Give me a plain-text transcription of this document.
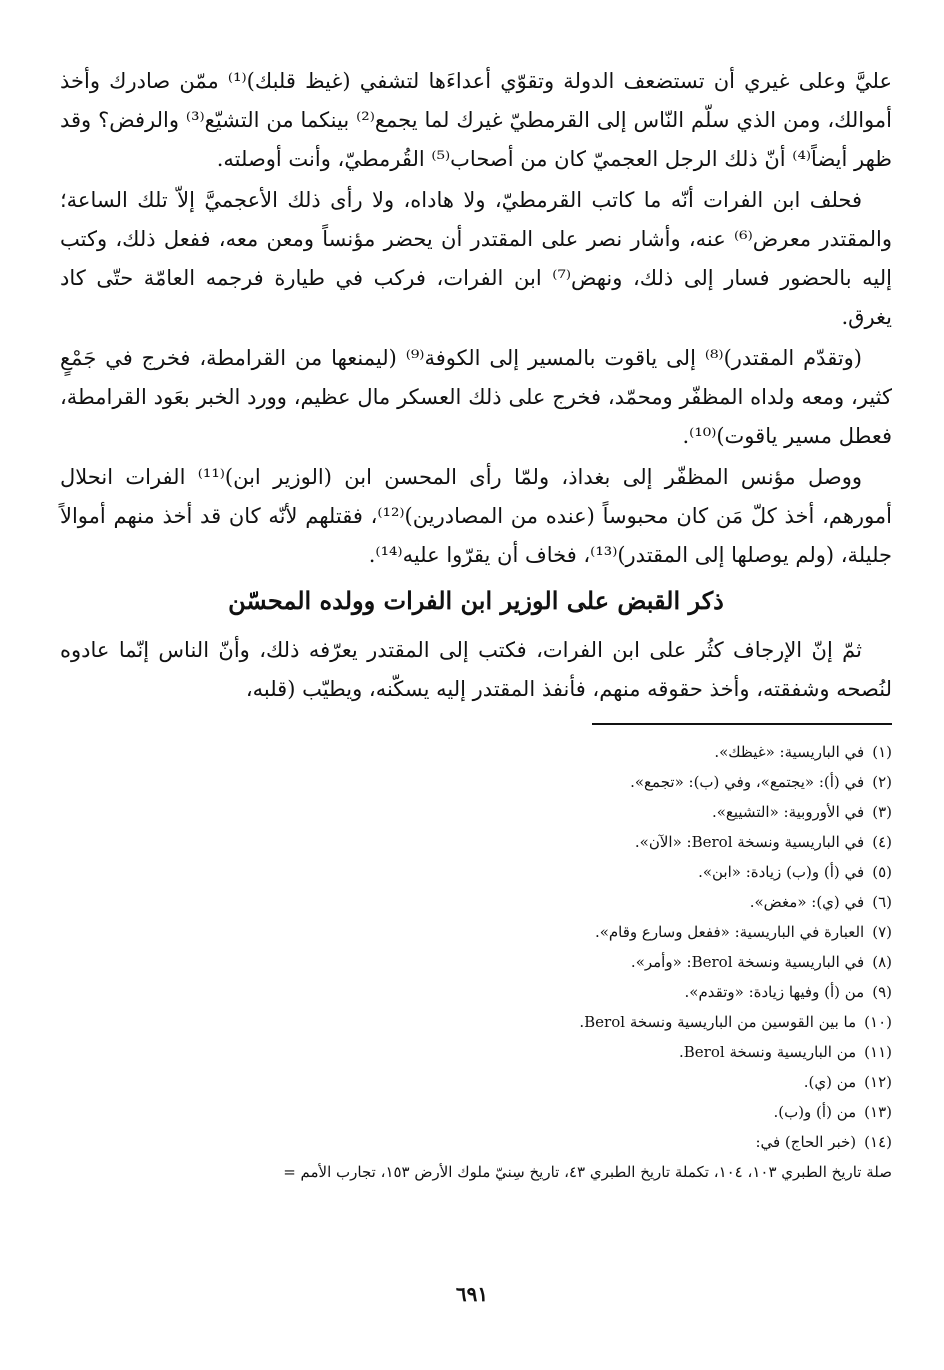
عليَّ وعلى غيري أن تستضعف الدولة وتقوّي أعداءَها لتشفي (غيظ قلبك)⁽¹⁾ ممّن صادرك وأخذ أموالك، ومن الذي سلّم النّاس إلى القرمطيّ غيرك لما يجمع⁽²⁾ بينكما من التشيّع⁽³⁾ والرفض؟ وقد ظهر أيضاً⁽⁴⁾ أنّ ذلك الرجل العجميّ كان من أصحاب⁽⁵⁾ القُرمطيّ، وأنت أوصلته.

فحلف ابن الفرات أنّه ما كاتب القرمطيّ، ولا هاداه، ولا رأى ذلك الأعجميَّ إلاّ تلك الساعة؛ والمقتدر معرض⁽⁶⁾ عنه، وأشار نصر على المقتدر أن يحضر مؤنساً ومعن معه، ففعل ذلك، وكتب إليه بالحضور فسار إلى ذلك، ونهض⁽⁷⁾ ابن الفرات، فركب في طيارة فرجمه العامّة حتّى كاد يغرق.

(وتقدّم المقتدر)⁽⁸⁾ إلى ياقوت بالمسير إلى الكوفة⁽⁹⁾ (ليمنعها من القرامطة، فخرج في جَمْعٍ كثير، ومعه ولداه المظفّر ومحمّد، فخرج على ذلك العسكر مال عظيم، وورد الخبر بعَود القرامطة، فعطل مسير ياقوت)⁽¹⁰⁾.

ووصل مؤنس المظفّر إلى بغداذ، ولمّا رأى المحسن ابن (الوزير ابن)⁽¹¹⁾ الفرات انحلال أمورهم، أخذ كلّ مَن كان محبوساً (عنده من المصادرين)⁽¹²⁾، فقتلهم لأنّه كان قد أخذ منهم أموالاً جليلة، (ولم يوصلها إلى المقتدر)⁽¹³⁾، فخاف أن يقرّوا عليه⁽¹⁴⁾.

ذكر القبض على الوزير ابن الفرات وولده المحسّن

ثمّ إنّ الإرجاف كثُر على ابن الفرات، فكتب إلى المقتدر يعرّفه ذلك، وأنّ الناس إنّما عادوه لنُصحه وشفقته، وأخذ حقوقه منهم، فأنفذ المقتدر إليه يسكّنه، ويطيّب (قلبه،

(١)
في الباريسية: «غيظك».
(٢)
في (أ): «يجتمع»، وفي (ب): «تجمع».
(٣)
في الأوروبية: «التشييع».
(٤)
في الباريسية ونسخة Berol: «الآن».
(٥)
في (أ) و(ب) زيادة: «ابن».
(٦)
في (ي): «مغض».
(٧)
العبارة في الباريسية: «ففعل وسارع وقام».
(٨)
في الباريسية ونسخة Berol: «وأمر».
(٩)
من (أ) وفيها زيادة: «وتقدم».
(١٠)
ما بين القوسين من الباريسية ونسخة Berol.
(١١)
من الباريسية ونسخة Berol.
(١٢)
من (ي).
(١٣)
من (أ) و(ب).
(١٤)
(خبر الحاج) في:
صلة تاريخ الطبري ١٠٣، ١٠٤، تكملة تاريخ الطبري ٤٣، تاريخ سِنيّ ملوك الأرض ١٥٣، تجارب الأمم =
٦٩١
